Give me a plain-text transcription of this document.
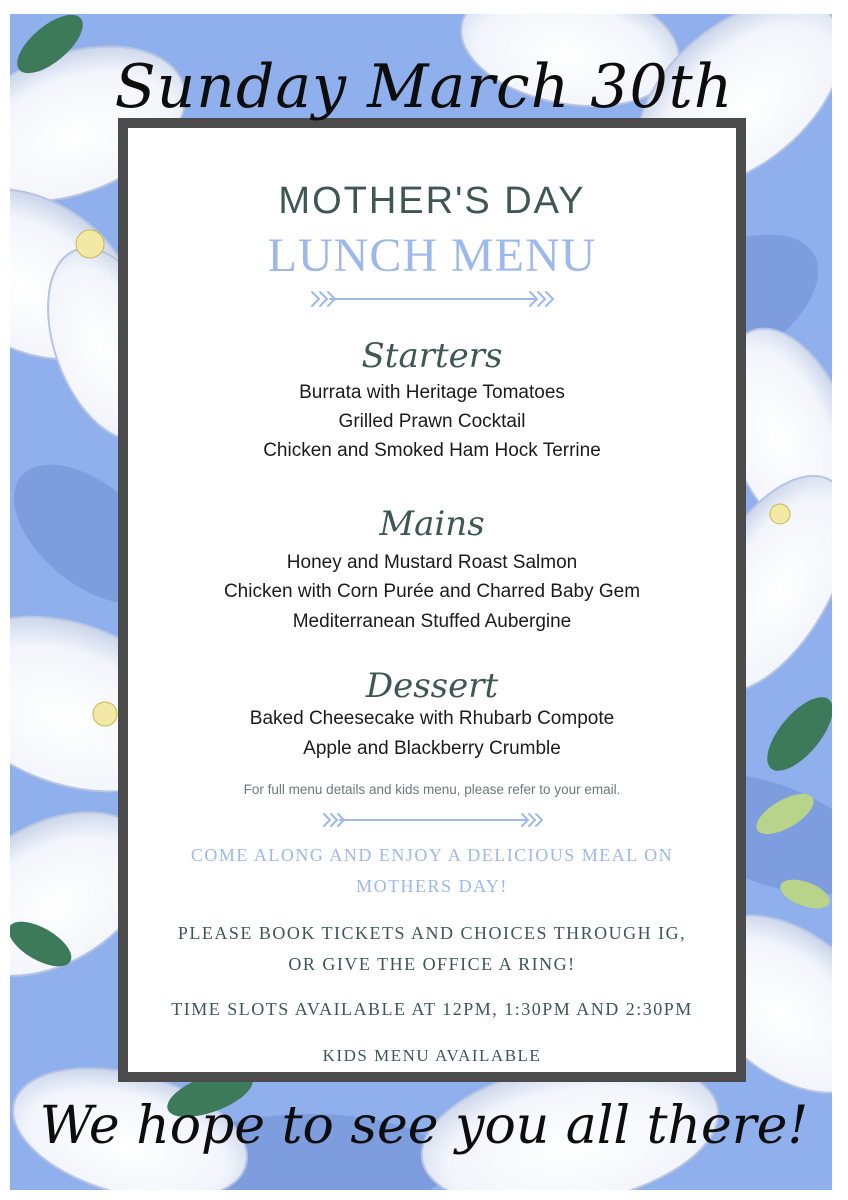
Sunday March 30th
MOTHER'S DAY
LUNCH MENU
Starters
Burrata with Heritage Tomatoes
Grilled Prawn Cocktail
Chicken and Smoked Ham Hock Terrine
Mains
Honey and Mustard Roast Salmon
Chicken with Corn Purée and Charred Baby Gem
Mediterranean Stuffed Aubergine
Dessert
Baked Cheesecake with Rhubarb Compote
Apple and Blackberry Crumble
For full menu details and kids menu, please refer to your email.
COME ALONG AND ENJOY A DELICIOUS MEAL ON
MOTHERS DAY!
PLEASE BOOK TICKETS AND CHOICES THROUGH IG,
OR GIVE THE OFFICE A RING!
TIME SLOTS AVAILABLE AT 12PM, 1:30PM AND 2:30PM
KIDS MENU AVAILABLE
We hope to see you all there!
